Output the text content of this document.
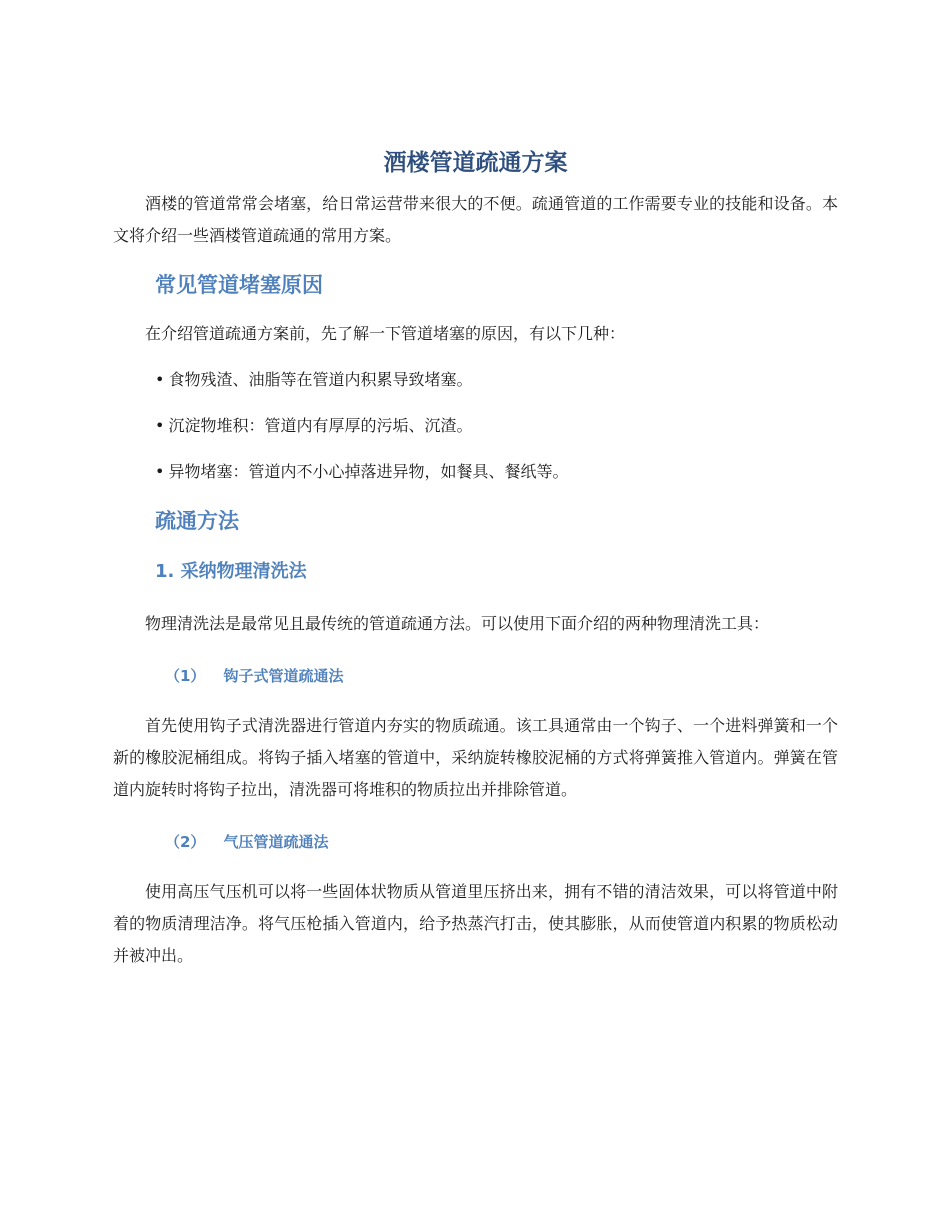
酒楼管道疏通方案

酒楼的管道常常会堵塞，给日常运营带来很大的不便。疏通管道的工作需要专业的技能和设备。本文将介绍一些酒楼管道疏通的常用方案。

常见管道堵塞原因

在介绍管道疏通方案前，先了解一下管道堵塞的原因，有以下几种：

• 食物残渣、油脂等在管道内积累导致堵塞。
• 沉淀物堆积：管道内有厚厚的污垢、沉渣。
• 异物堵塞：管道内不小心掉落进异物，如餐具、餐纸等。
疏通方法
1. 采纳物理清洗法

物理清洗法是最常见且最传统的管道疏通方法。可以使用下面介绍的两种物理清洗工具：

（1） 钩子式管道疏通法

首先使用钩子式清洗器进行管道内夯实的物质疏通。该工具通常由一个钩子、一个进料弹簧和一个新的橡胶泥桶组成。将钩子插入堵塞的管道中，采纳旋转橡胶泥桶的方式将弹簧推入管道内。弹簧在管道内旋转时将钩子拉出，清洗器可将堆积的物质拉出并排除管道。

（2） 气压管道疏通法

使用高压气压机可以将一些固体状物质从管道里压挤出来，拥有不错的清洁效果，可以将管道中附着的物质清理洁净。将气压枪插入管道内，给予热蒸汽打击，使其膨胀，从而使管道内积累的物质松动并被冲出。
